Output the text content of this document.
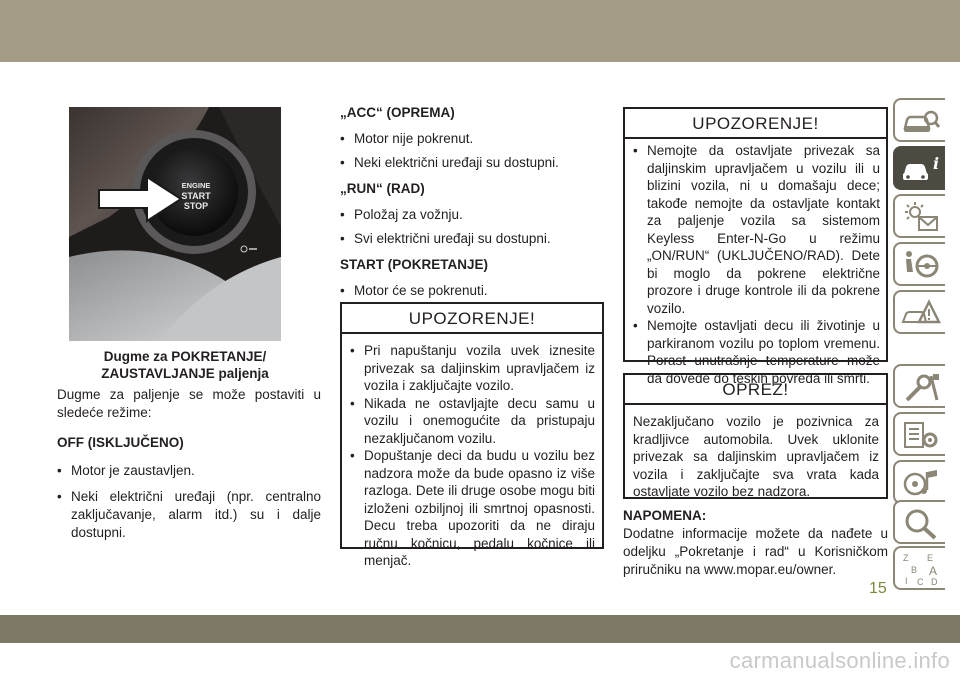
ENGINE
START
STOP
Dugme za POKRETANJE/
ZAUSTAVLJANJE paljenja

Dugme za paljenje se može postaviti u sledeće režime:

OFF (ISKLJUČENO)

• Motor je zaustavljen.

• Neki električni uređaji (npr. centralno zaključavanje, alarm itd.) su i dalje dostupni.

„ACC“ (OPREMA)

• Motor nije pokrenut.

• Neki električni uređaji su dostupni.

„RUN“ (RAD)

• Položaj za vožnju.

• Svi električni uređaji su dostupni.

START (POKRETANJE)

• Motor će se pokrenuti.

UPOZORENJE!

• Pri napuštanju vozila uvek iznesite privezak sa daljinskim upravljačem iz vozila i zaključajte vozilo.

• Nikada ne ostavljajte decu samu u vozilu i onemogućite da pristupaju nezaključanom vozilu.

• Dopuštanje deci da budu u vozilu bez nadzora može da bude opasno iz više razloga. Dete ili druge osobe mogu biti izloženi ozbiljnoj ili smrtnoj opasnosti. Decu treba upozoriti da ne diraju ručnu kočnicu, pedalu kočnice ili menjač.

UPOZORENJE!

• Nemojte da ostavljate privezak sa daljinskim upravljačem u vozilu ili u blizini vozila, ni u domašaju dece; takođe nemojte da ostavljate kontakt za paljenje vozila sa sistemom Keyless Enter-N-Go u režimu „ON/RUN“ (UKLJUČENO/RAD). Dete bi moglo da pokrene električne prozore i druge kontrole ili da pokrene vozilo.

• Nemojte ostavljati decu ili životinje u parkiranom vozilu po toplom vremenu. Porast unutrašnje temperature može da dovede do teških povreda ili smrti.

OPREZ!
Nezaključano vozilo je pozivnica za kradljivce automobila. Uvek uklonite privezak sa daljinskim upravljačem iz vozila i zaključajte sva vrata kada ostavljate vozilo bez nadzora.

NAPOMENA:

Dodatne informacije možete da nađete u odeljku „Pokretanje i rad“ u Korisničkom priručniku na www.mopar.eu/owner.

i
Z E
B A
I C D
15
carmanualsonline.info
